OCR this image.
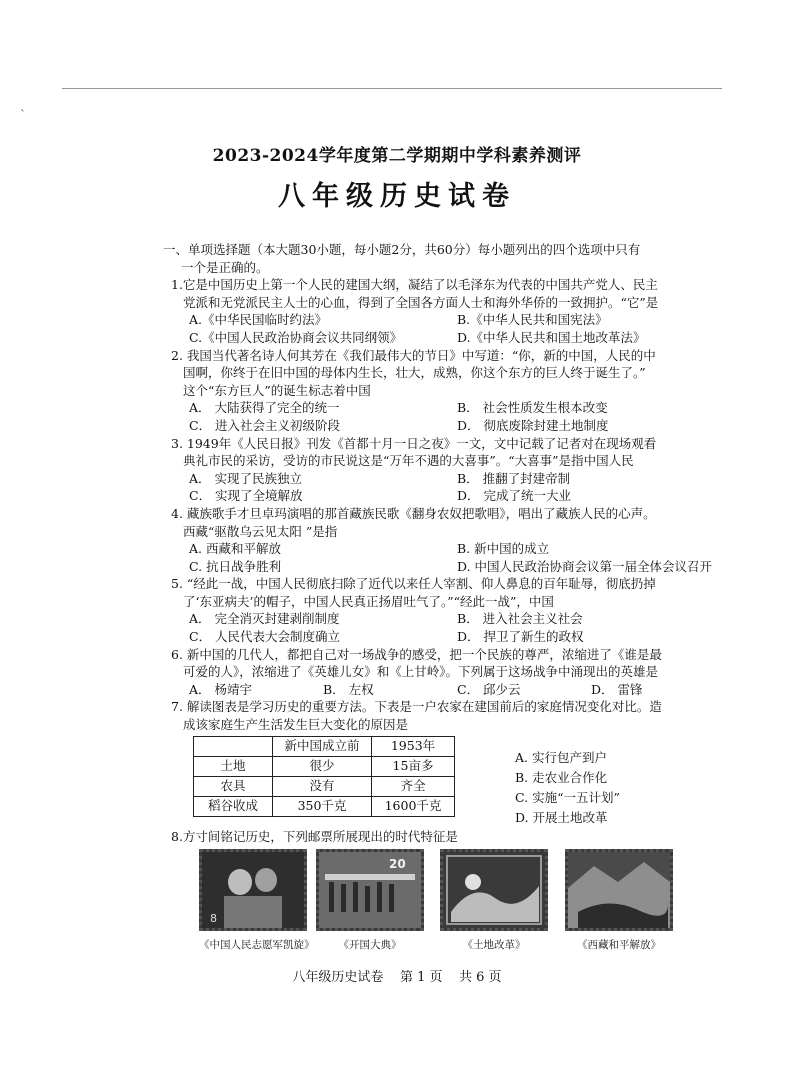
`
2023-2024学年度第二学期期中学科素养测评
八年级历史试卷

一、单项选择题（本大题30小题，每小题2分，共60分）每小题列出的四个选项中只有

一个是正确的。

1.它是中国历史上第一个人民的建国大纲，凝结了以毛泽东为代表的中国共产党人、民主

党派和无党派民主人士的心血，得到了全国各方面人士和海外华侨的一致拥护。“它”是

A.《中华民国临时约法》	B.《中华人民共和国宪法》
C.《中国人民政治协商会议共同纲领》	D.《中华人民共和国土地改革法》

2. 我国当代著名诗人何其芳在《我们最伟大的节日》中写道：“你，新的中国，人民的中

国啊，你终于在旧中国的母体内生长，壮大，成熟，你这个东方的巨人终于诞生了。”

这个“东方巨人”的诞生标志着中国

A． 大陆获得了完全的统一	B． 社会性质发生根本改变
C． 进入社会主义初级阶段	D． 彻底废除封建土地制度

3. 1949年《人民日报》刊发《首都十月一日之夜》一文，文中记载了记者对在现场观看

典礼市民的采访，受访的市民说这是“万年不遇的大喜事”。“大喜事”是指中国人民

A． 实现了民族独立	B． 推翻了封建帝制
C． 实现了全境解放	D． 完成了统一大业

4. 藏族歌手才旦卓玛演唱的那首藏族民歌《翻身农奴把歌唱》，唱出了藏族人民的心声。

西藏“驱散乌云见太阳 ”是指

A. 西藏和平解放	B. 新中国的成立
C. 抗日战争胜利	D. 中国人民政治协商会议第一届全体会议召开

5. “经此一战，中国人民彻底扫除了近代以来任人宰割、仰人鼻息的百年耻辱，彻底扔掉

了‘东亚病夫’的帽子，中国人民真正扬眉吐气了。”“经此一战”，中国

A． 完全消灭封建剥削制度	B． 进入社会主义社会
C． 人民代表大会制度确立	D． 捍卫了新生的政权

6. 新中国的几代人，都把自己对一场战争的感受，把一个民族的尊严，浓缩进了《谁是最

可爱的人》，浓缩进了《英雄儿女》和《上甘岭》。下列属于这场战争中涌现出的英雄是

A． 杨靖宇	B． 左权	C． 邱少云	D． 雷锋

7. 解读图表是学习历史的重要方法。下表是一户农家在建国前后的家庭情况变化对比。造

成该家庭生产生活发生巨大变化的原因是

	新中国成立前	1953年
土地	很少	15亩多
农具	没有	齐全
稻谷收成	350千克	1600千克
A. 实行包产到户
B. 走农业合作化
C. 实施“一五计划”
D. 开展土地改革

8.方寸间铭记历史，下列邮票所展现出的时代特征是

8
《中国人民志愿军凯旋》
20
《开国大典》	《土地改革》	《西藏和平解放》
八年级历史试卷    第 1 页    共 6 页
